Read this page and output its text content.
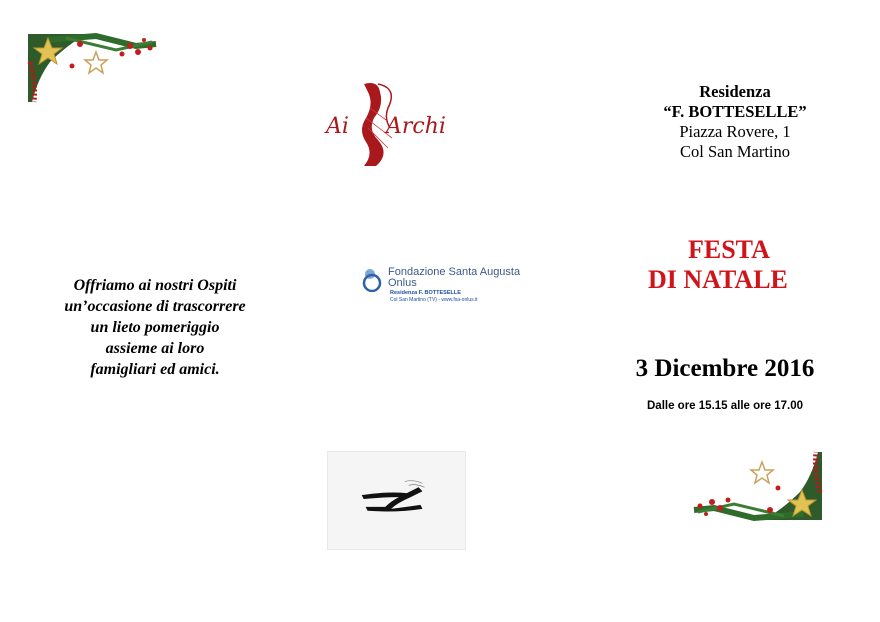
Ai Archi
Residenza
“F. BOTTESELLE”
Piazza Rovere, 1
Col San Martino
FESTA
DI NATALE
3 Dicembre 2016
Dalle ore 15.15 alle ore 17.00
Fondazione Santa Augusta
Onlus
Residenza F. BOTTESELLE
Col San Martino (TV) - www.fsa-onlus.it
Offriamo ai nostri Ospiti
un’occasione di trascorrere
un lieto pomeriggio
assieme ai loro
famigliari ed amici.
